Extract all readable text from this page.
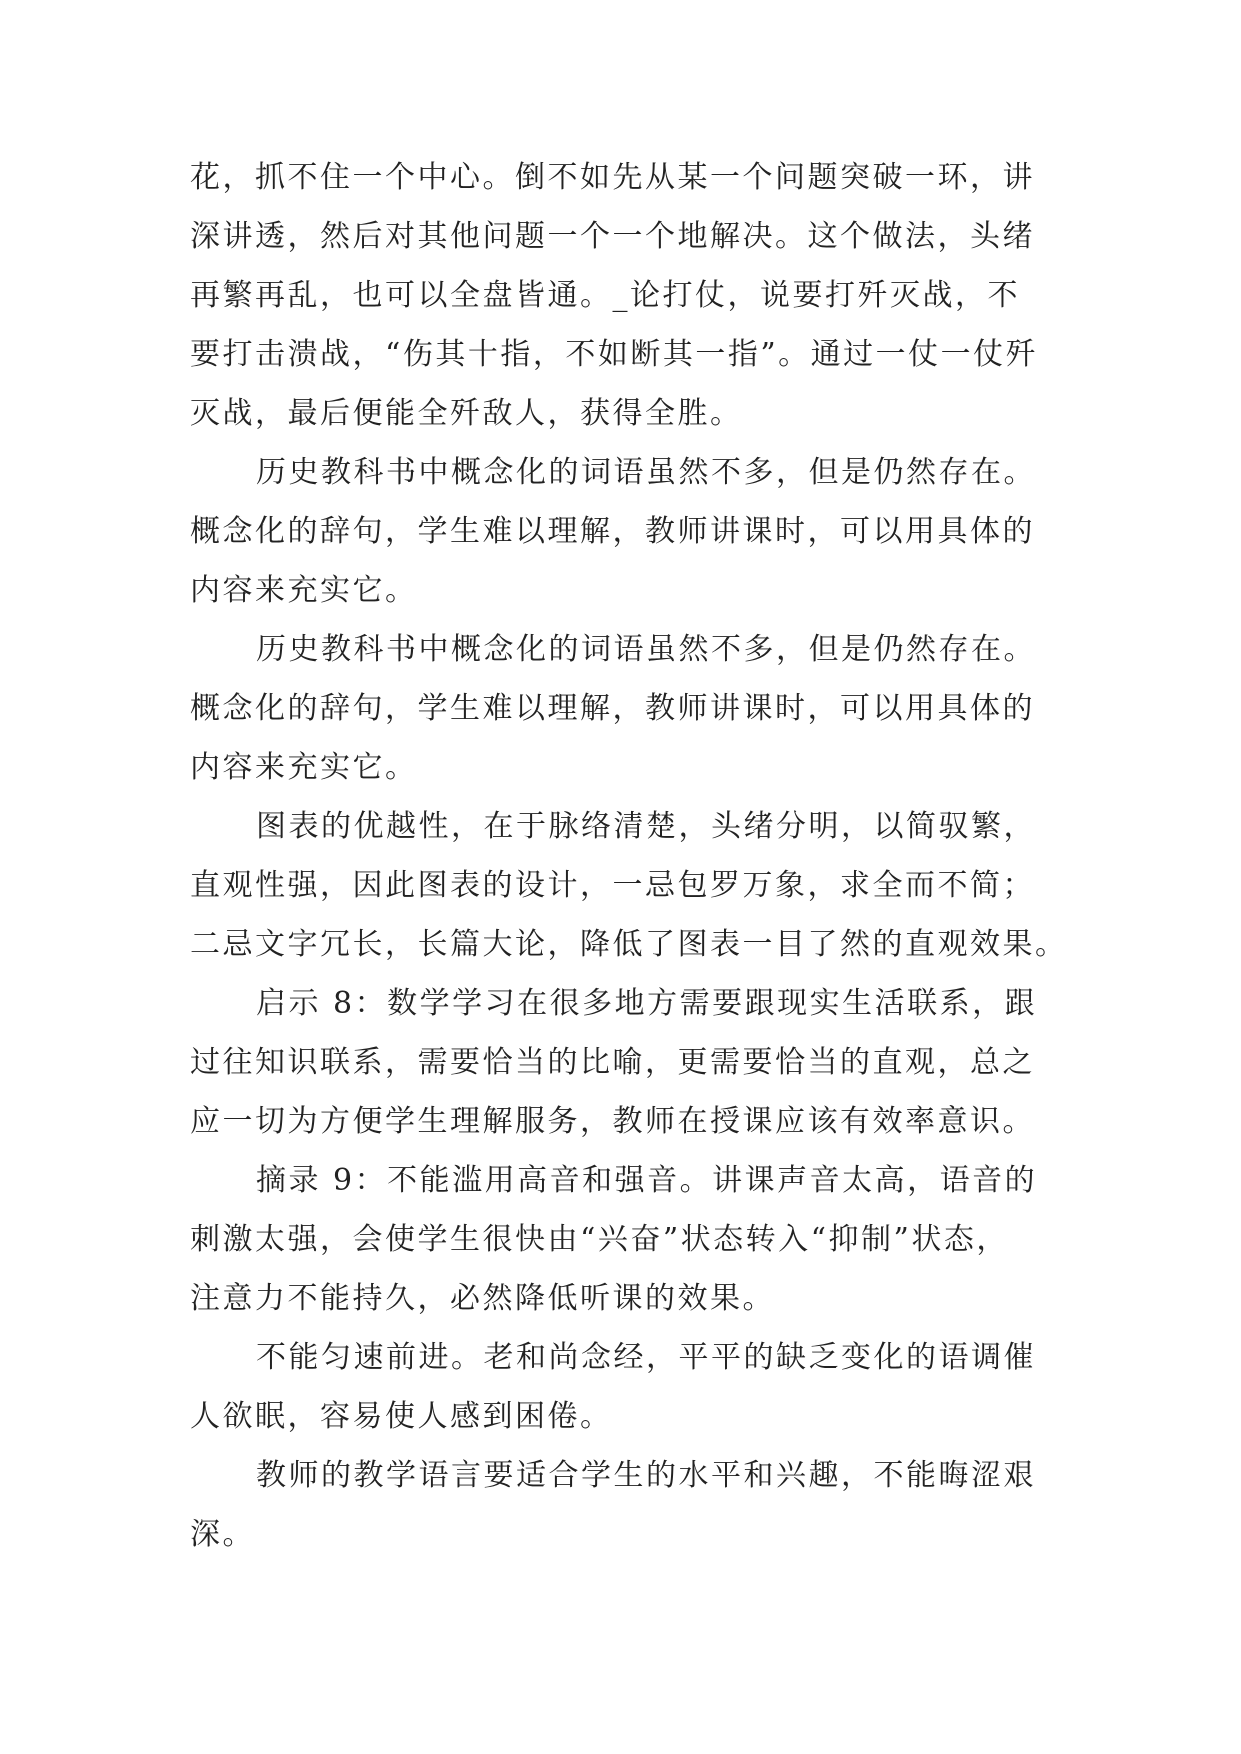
花，抓不住一个中心。倒不如先从某一个问题突破一环，讲
深讲透，然后对其他问题一个一个地解决。这个做法，头绪
再繁再乱，也可以全盘皆通。_论打仗，说要打歼灭战，不
要打击溃战，“伤其十指，不如断其一指”。通过一仗一仗歼
灭战，最后便能全歼敌人，获得全胜。

历史教科书中概念化的词语虽然不多，但是仍然存在。
概念化的辞句，学生难以理解，教师讲课时，可以用具体的
内容来充实它。

历史教科书中概念化的词语虽然不多，但是仍然存在。
概念化的辞句，学生难以理解，教师讲课时，可以用具体的
内容来充实它。

图表的优越性，在于脉络清楚，头绪分明，以简驭繁，
直观性强，因此图表的设计，一忌包罗万象，求全而不简；
二忌文字冗长，长篇大论，降低了图表一目了然的直观效果。

启示 8：数学学习在很多地方需要跟现实生活联系，跟
过往知识联系，需要恰当的比喻，更需要恰当的直观，总之
应一切为方便学生理解服务，教师在授课应该有效率意识。

摘录 9：不能滥用高音和强音。讲课声音太高，语音的
刺激太强，会使学生很快由“兴奋”状态转入“抑制”状态，
注意力不能持久，必然降低听课的效果。

不能匀速前进。老和尚念经，平平的缺乏变化的语调催
人欲眠，容易使人感到困倦。

教师的教学语言要适合学生的水平和兴趣，不能晦涩艰
深。
